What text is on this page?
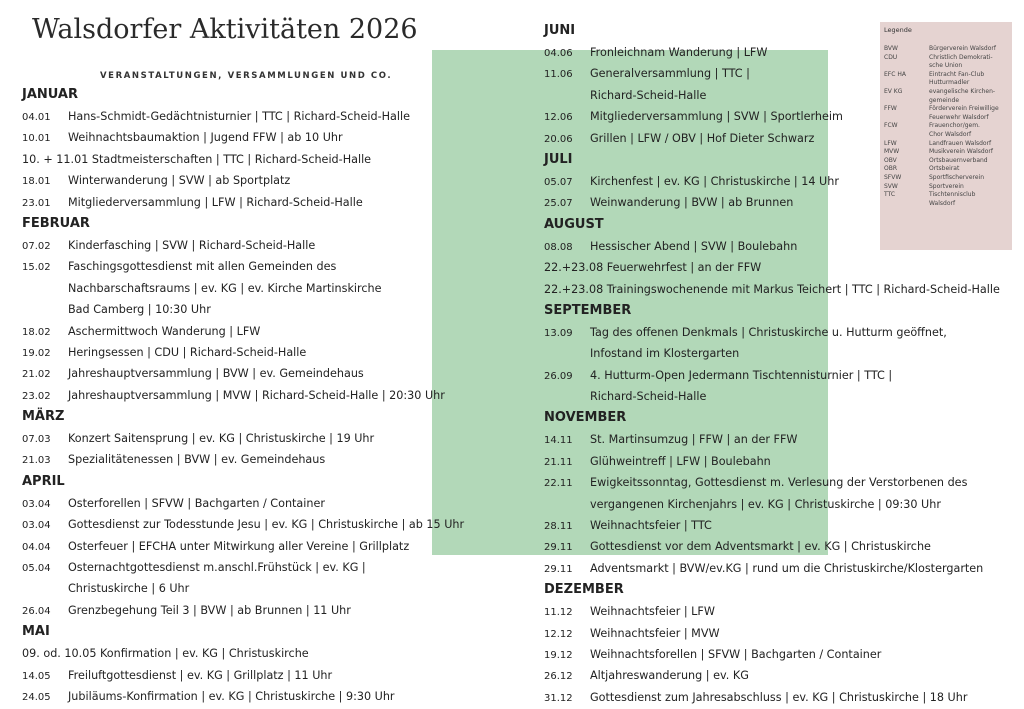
Walsdorfer Aktivitäten 2026
VERANSTALTUNGEN, VERSAMMLUNGEN UND CO.
JANUAR
04.01 Hans-Schmidt-Gedächtnisturnier | TTC | Richard-Scheid-Halle
10.01 Weihnachtsbaumaktion | Jugend FFW | ab 10 Uhr
10. + 11.01 Stadtmeisterschaften | TTC | Richard-Scheid-Halle
18.01 Winterwanderung | SVW | ab Sportplatz
23.01 Mitgliederversammlung | LFW | Richard-Scheid-Halle
FEBRUAR
07.02 Kinderfasching | SVW | Richard-Scheid-Halle
15.02 Faschingsgottesdienst mit allen Gemeinden des
Nachbarschaftsraums | ev. KG | ev. Kirche Martinskirche
Bad Camberg | 10:30 Uhr
18.02 Aschermittwoch Wanderung | LFW
19.02 Heringsessen | CDU | Richard-Scheid-Halle
21.02 Jahreshauptversammlung | BVW | ev. Gemeindehaus
23.02 Jahreshauptversammlung | MVW | Richard-Scheid-Halle | 20:30 Uhr
MÄRZ
07.03 Konzert Saitensprung | ev. KG | Christuskirche | 19 Uhr
21.03 Spezialitätenessen | BVW | ev. Gemeindehaus
APRIL
03.04 Osterforellen | SFVW | Bachgarten / Container
03.04 Gottesdienst zur Todesstunde Jesu | ev. KG | Christuskirche | ab 15 Uhr
04.04 Osterfeuer | EFCHA unter Mitwirkung aller Vereine | Grillplatz
05.04 Osternachtgottesdienst m.anschl.Frühstück | ev. KG |
Christuskirche | 6 Uhr
26.04 Grenzbegehung Teil 3 | BVW | ab Brunnen | 11 Uhr
MAI
09. od. 10.05 Konfirmation | ev. KG | Christuskirche
14.05 Freiluftgottesdienst | ev. KG | Grillplatz | 11 Uhr
24.05 Jubiläums-Konfirmation | ev. KG | Christuskirche | 9:30 Uhr
JUNI
04.06 Fronleichnam Wanderung | LFW
11.06 Generalversammlung | TTC |
Richard-Scheid-Halle
12.06 Mitgliederversammlung | SVW | Sportlerheim
20.06 Grillen | LFW / OBV | Hof Dieter Schwarz
JULI
05.07 Kirchenfest | ev. KG | Christuskirche | 14 Uhr
25.07 Weinwanderung | BVW | ab Brunnen
AUGUST
08.08 Hessischer Abend | SVW | Boulebahn
22.+23.08 Feuerwehrfest | an der FFW
22.+23.08 Trainingswochenende mit Markus Teichert | TTC | Richard-Scheid-Halle
SEPTEMBER
13.09 Tag des offenen Denkmals | Christuskirche u. Hutturm geöffnet,
Infostand im Klostergarten
26.09 4. Hutturm-Open Jedermann Tischtennisturnier | TTC |
Richard-Scheid-Halle
NOVEMBER
14.11 St. Martinsumzug | FFW | an der FFW
21.11 Glühweintreff | LFW | Boulebahn
22.11 Ewigkeitssonntag, Gottesdienst m. Verlesung der Verstorbenen des
vergangenen Kirchenjahrs | ev. KG | Christuskirche | 09:30 Uhr
28.11 Weihnachtsfeier | TTC
29.11 Gottesdienst vor dem Adventsmarkt | ev. KG | Christuskirche
29.11 Adventsmarkt | BVW/ev.KG | rund um die Christuskirche/Klostergarten
DEZEMBER
11.12 Weihnachtsfeier | LFW
12.12 Weihnachtsfeier | MVW
19.12 Weihnachtsforellen | SFVW | Bachgarten / Container
26.12 Altjahreswanderung | ev. KG
31.12 Gottesdienst zum Jahresabschluss | ev. KG | Christuskirche | 18 Uhr
Legende
BVW	Bürgerverein Walsdorf
CDU	Christlich Demokrati-
sche Union
EFC HA	Eintracht Fan-Club
Hutturmadler
EV KG	evangelische Kirchen-
gemeinde
FFW	Förderverein Freiwillige
Feuerwehr Walsdorf
FCW	Frauenchor/gem.
Chor Walsdorf
LFW	Landfrauen Walsdorf
MVW	Musikverein Walsdorf
OBV	Ortsbauernverband
OBR	Ortsbeirat
SFVW	Sportfischerverein
SVW	Sportverein
TTC	Tischtennisclub
Walsdorf
